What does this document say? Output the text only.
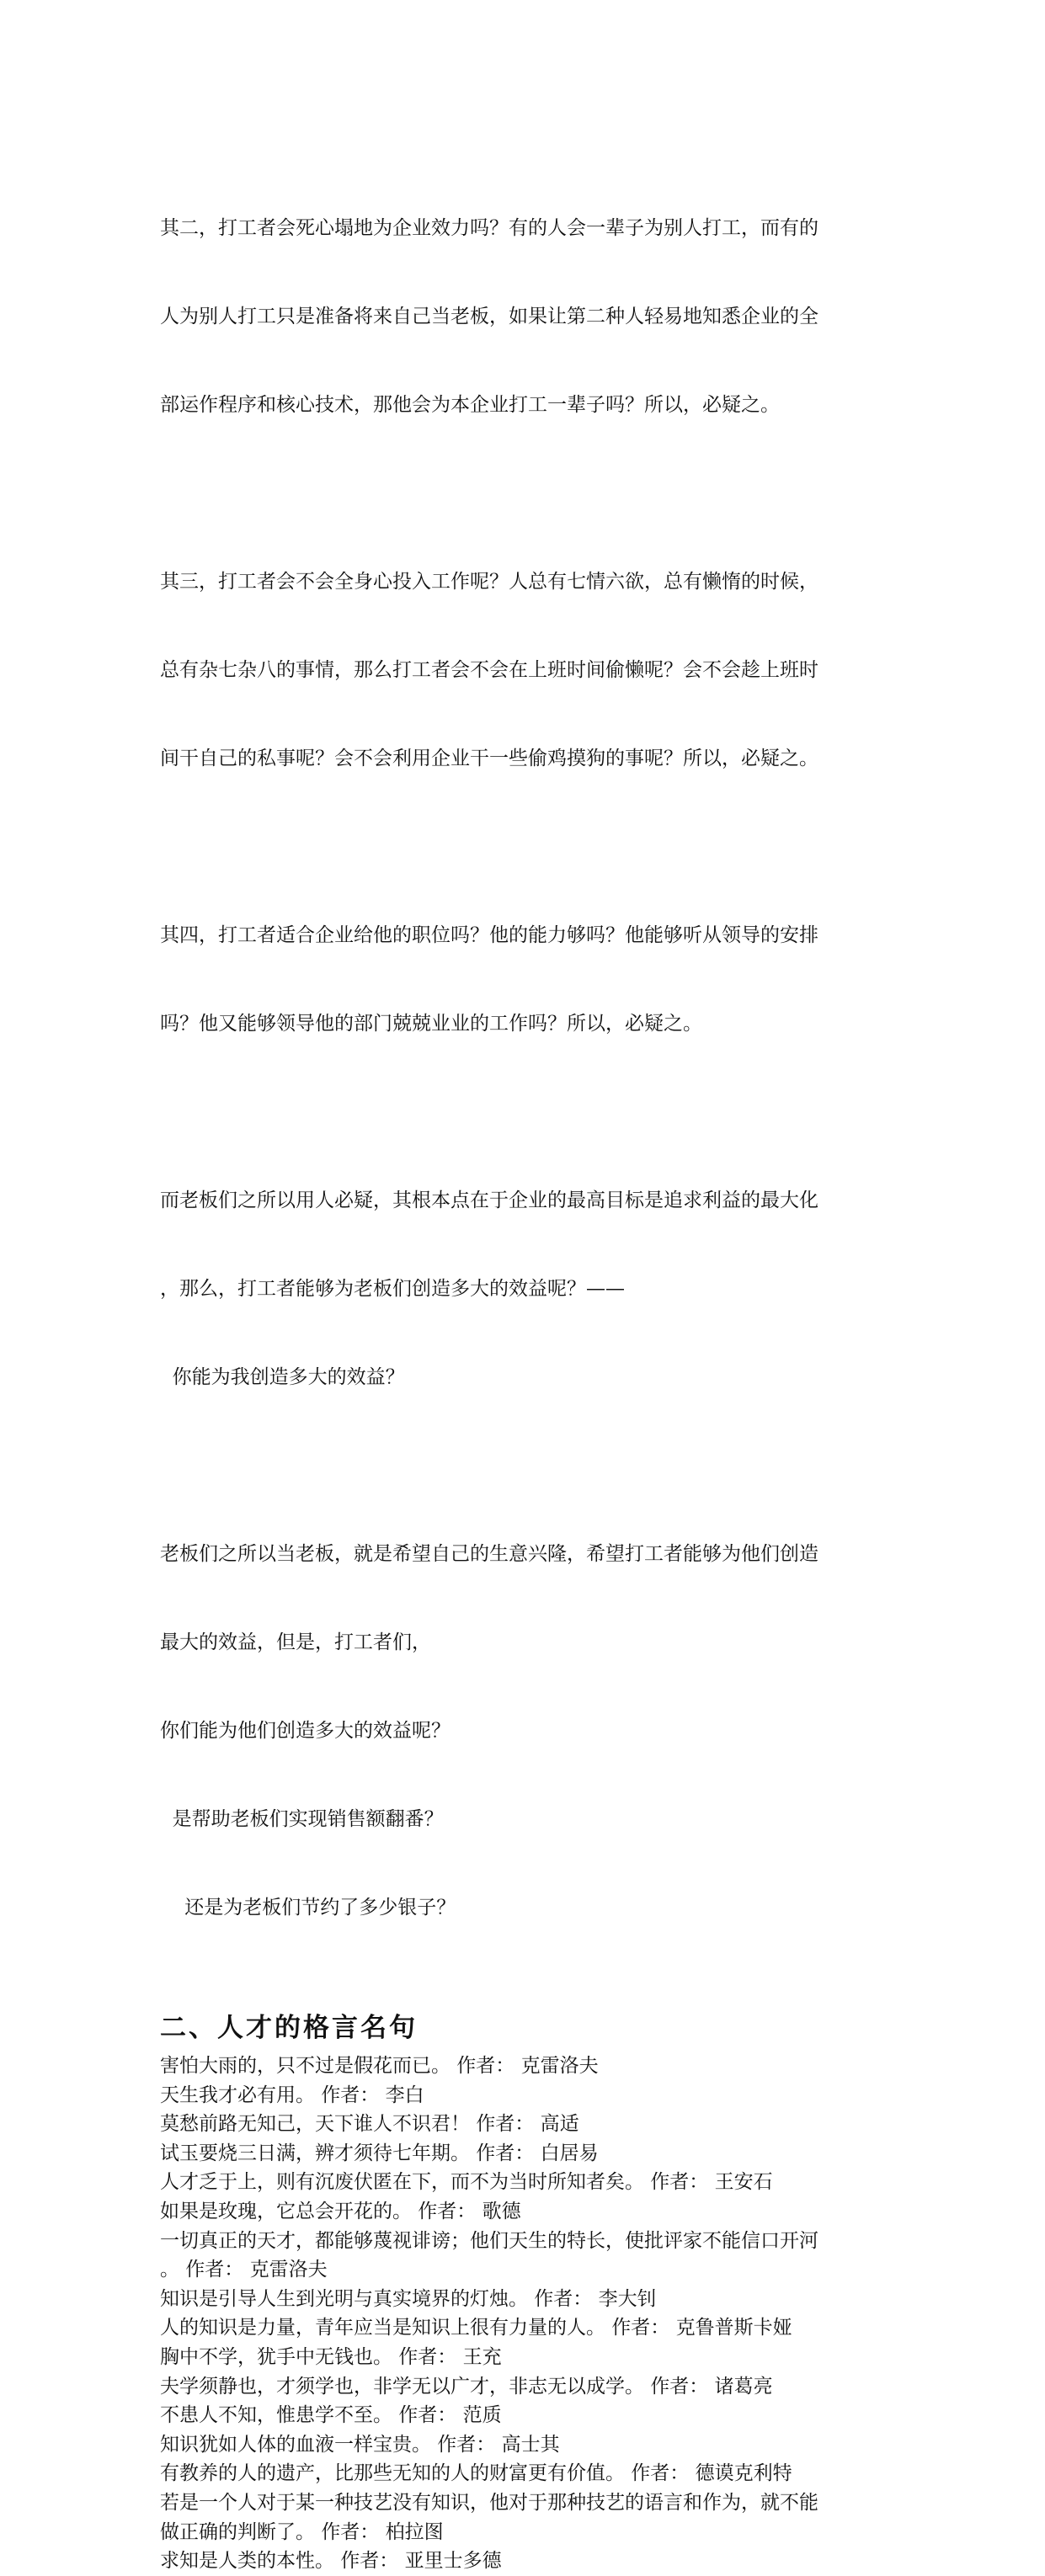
其二，打工者会死心塌地为企业效力吗？有的人会一辈子为别人打工，而有的

人为别人打工只是准备将来自己当老板，如果让第二种人轻易地知悉企业的全

部运作程序和核心技术，那他会为本企业打工一辈子吗？所以，必疑之。

其三，打工者会不会全身心投入工作呢？人总有七情六欲，总有懒惰的时候，

总有杂七杂八的事情，那么打工者会不会在上班时间偷懒呢？会不会趁上班时

间干自己的私事呢？会不会利用企业干一些偷鸡摸狗的事呢？所以，必疑之。

其四，打工者适合企业给他的职位吗？他的能力够吗？他能够听从领导的安排

吗？他又能够领导他的部门兢兢业业的工作吗？所以，必疑之。

而老板们之所以用人必疑，其根本点在于企业的最高目标是追求利益的最大化

，那么，打工者能够为老板们创造多大的效益呢？——

你能为我创造多大的效益？

老板们之所以当老板，就是希望自己的生意兴隆，希望打工者能够为他们创造

最大的效益，但是，打工者们，

你们能为他们创造多大的效益呢？

是帮助老板们实现销售额翻番？

还是为老板们节约了多少银子？

二、人才的格言名句
害怕大雨的，只不过是假花而已。 作者： 克雷洛夫
天生我才必有用。 作者： 李白
莫愁前路无知己，天下谁人不识君！ 作者： 高适
试玉要烧三日满，辨才须待七年期。 作者： 白居易
人才乏于上，则有沉废伏匿在下，而不为当时所知者矣。 作者： 王安石
如果是玫瑰，它总会开花的。 作者： 歌德
一切真正的天才，都能够蔑视诽谤；他们天生的特长，使批评家不能信口开河
。 作者： 克雷洛夫
知识是引导人生到光明与真实境界的灯烛。 作者： 李大钊
人的知识是力量，青年应当是知识上很有力量的人。 作者： 克鲁普斯卡娅
胸中不学，犹手中无钱也。 作者： 王充
夫学须静也，才须学也，非学无以广才，非志无以成学。 作者： 诸葛亮
不患人不知，惟患学不至。 作者： 范质
知识犹如人体的血液一样宝贵。 作者： 高士其
有教养的人的遗产，比那些无知的人的财富更有价值。 作者： 德谟克利特
若是一个人对于某一种技艺没有知识，他对于那种技艺的语言和作为，就不能
做正确的判断了。 作者： 柏拉图
求知是人类的本性。 作者： 亚里士多德
